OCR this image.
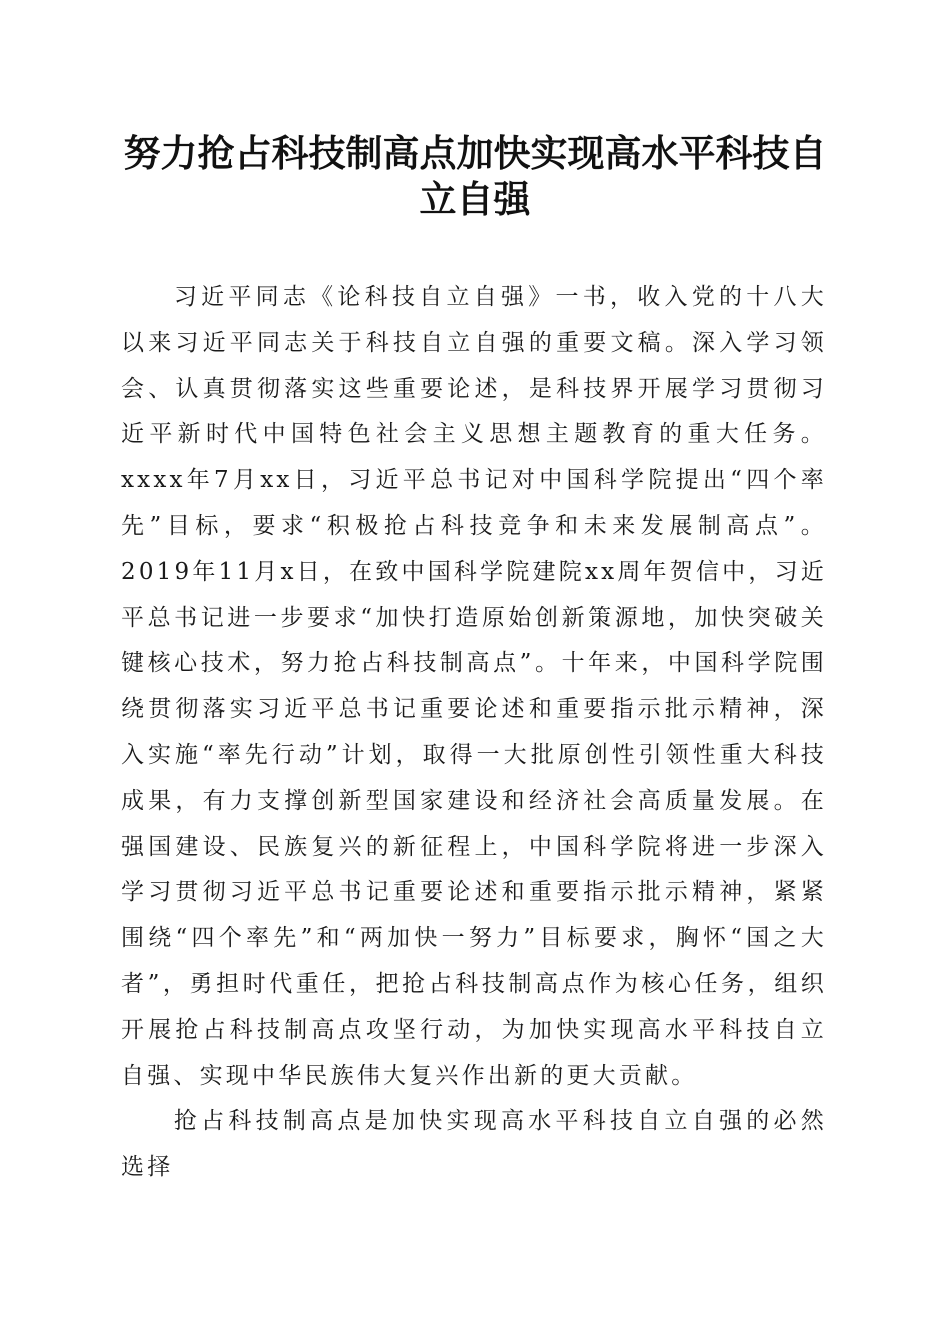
努力抢占科技制高点加快实现高水平科技自立自强

习近平同志《论科技自立自强》一书，收入党的十八大以来习近平同志关于科技自立自强的重要文稿。深入学习领会、认真贯彻落实这些重要论述，是科技界开展学习贯彻习近平新时代中国特色社会主义思想主题教育的重大任务。xxxx年7月xx日，习近平总书记对中国科学院提出“四个率先”目标，要求“积极抢占科技竞争和未来发展制高点”。2019年11月x日，在致中国科学院建院xx周年贺信中，习近平总书记进一步要求“加快打造原始创新策源地，加快突破关键核心技术，努力抢占科技制高点”。十年来，中国科学院围绕贯彻落实习近平总书记重要论述和重要指示批示精神，深入实施“率先行动”计划，取得一大批原创性引领性重大科技成果，有力支撑创新型国家建设和经济社会高质量发展。在强国建设、民族复兴的新征程上，中国科学院将进一步深入学习贯彻习近平总书记重要论述和重要指示批示精神，紧紧围绕“四个率先”和“两加快一努力”目标要求，胸怀“国之大者”，勇担时代重任，把抢占科技制高点作为核心任务，组织开展抢占科技制高点攻坚行动，为加快实现高水平科技自立自强、实现中华民族伟大复兴作出新的更大贡献。

抢占科技制高点是加快实现高水平科技自立自强的必然选择
